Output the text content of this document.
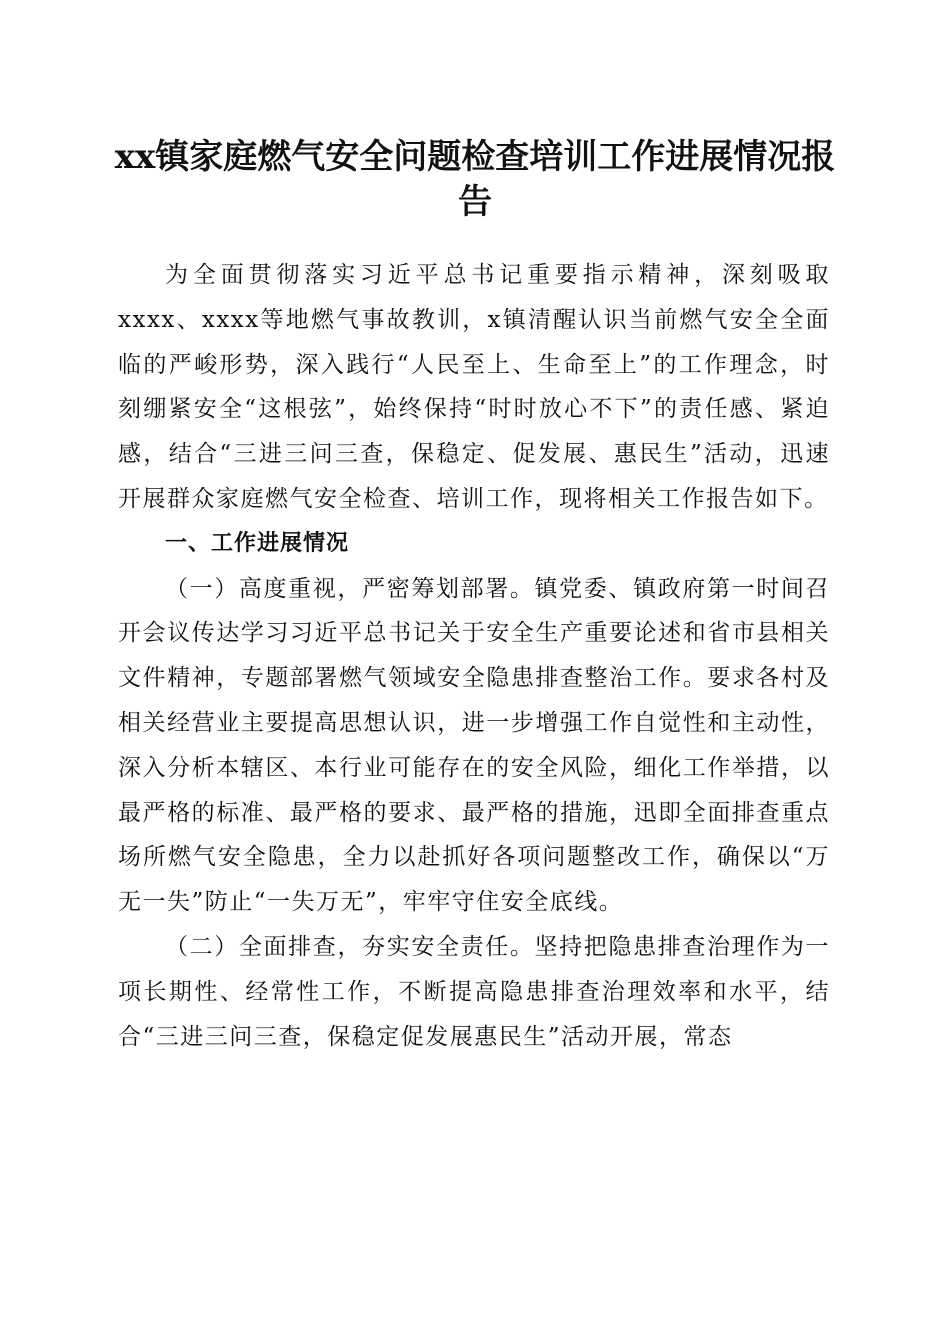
xx镇家庭燃气安全问题检查培训工作进展情况报告

为全面贯彻落实习近平总书记重要指示精神，深刻吸取xxxx、xxxx等地燃气事故教训，x镇清醒认识当前燃气安全全面临的严峻形势，深入践行“人民至上、生命至上”的工作理念，时刻绷紧安全“这根弦”，始终保持“时时放心不下”的责任感、紧迫感，结合“三进三问三查，保稳定、促发展、惠民生”活动，迅速开展群众家庭燃气安全检查、培训工作，现将相关工作报告如下。

一、工作进展情况

（一）高度重视，严密筹划部署。镇党委、镇政府第一时间召开会议传达学习习近平总书记关于安全生产重要论述和省市县相关文件精神，专题部署燃气领域安全隐患排查整治工作。要求各村及相关经营业主要提高思想认识，进一步增强工作自觉性和主动性，深入分析本辖区、本行业可能存在的安全风险，细化工作举措，以最严格的标准、最严格的要求、最严格的措施，迅即全面排查重点场所燃气安全隐患，全力以赴抓好各项问题整改工作，确保以“万无一失”防止“一失万无”，牢牢守住安全底线。

（二）全面排查，夯实安全责任。坚持把隐患排查治理作为一项长期性、经常性工作，不断提高隐患排查治理效率和水平，结合“三进三问三查，保稳定促发展惠民生”活动开展，常态
